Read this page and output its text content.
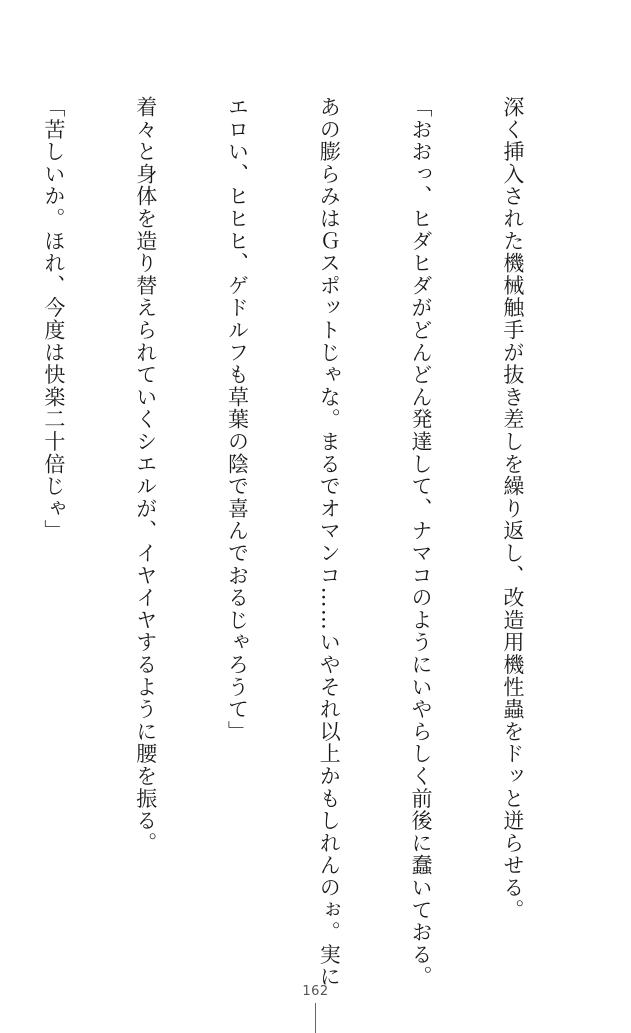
深く挿入された機械触手が抜き差しを繰り返し、改造用機性蟲をドッと迸らせる。

「おおっ、ヒダヒダがどんどん発達して、ナマコのようにいやらしく前後に蠢いておる。

あの膨らみはＧスポットじゃな。まるでオマンコ……いやそれ以上かもしれんのぉ。実に

エロい、ヒヒヒ、ゲドルフも草葉の陰で喜んでおるじゃろうて」

着々と身体を造り替えられていくシエルが、イヤイヤするように腰を振る。

「苦しいか。ほれ、今度は快楽二十倍じゃ」

162
